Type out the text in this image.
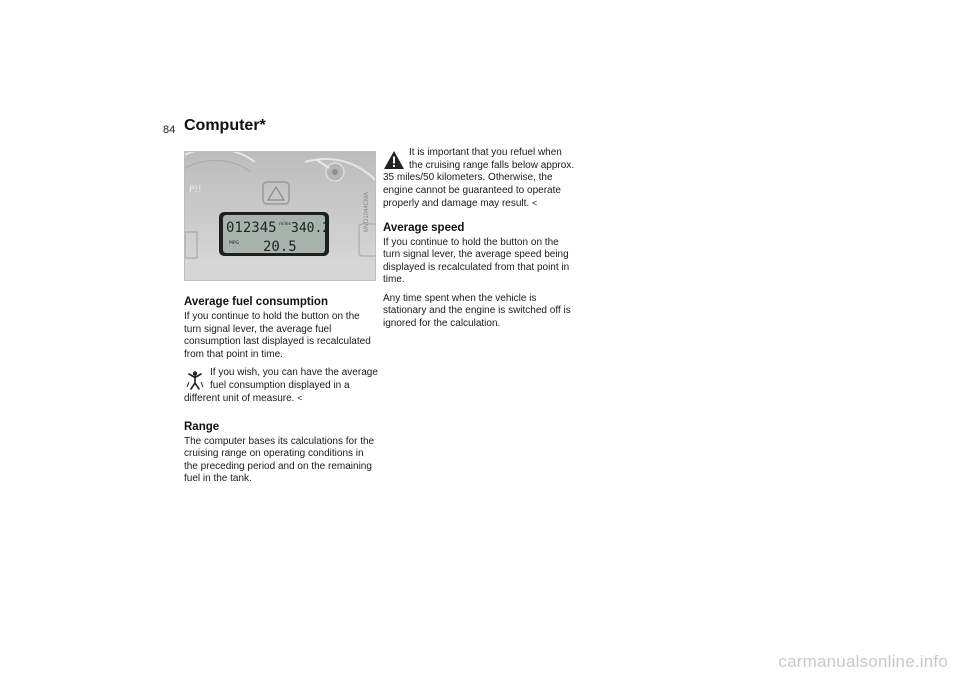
84 Computer*
012345 miles 340.2
MPG 20.5
P!!
MVD1044CMA
Average fuel consumption

If you continue to hold the button on the turn signal lever, the average fuel consumption last displayed is recalculated from that point in time.

If you wish, you can have the average fuel consumption displayed in a different unit of measure. <

Range

The computer bases its calculations for the cruising range on operating conditions in the preceding period and on the remaining fuel in the tank.

It is important that you refuel when the cruising range falls below approx. 35 miles/50 kilometers. Otherwise, the engine cannot be guaranteed to operate properly and damage may result. <

Average speed

If you continue to hold the button on the turn signal lever, the average speed being displayed is recalculated from that point in time.

Any time spent when the vehicle is stationary and the engine is switched off is ignored for the calculation.

carmanualsonline.info
